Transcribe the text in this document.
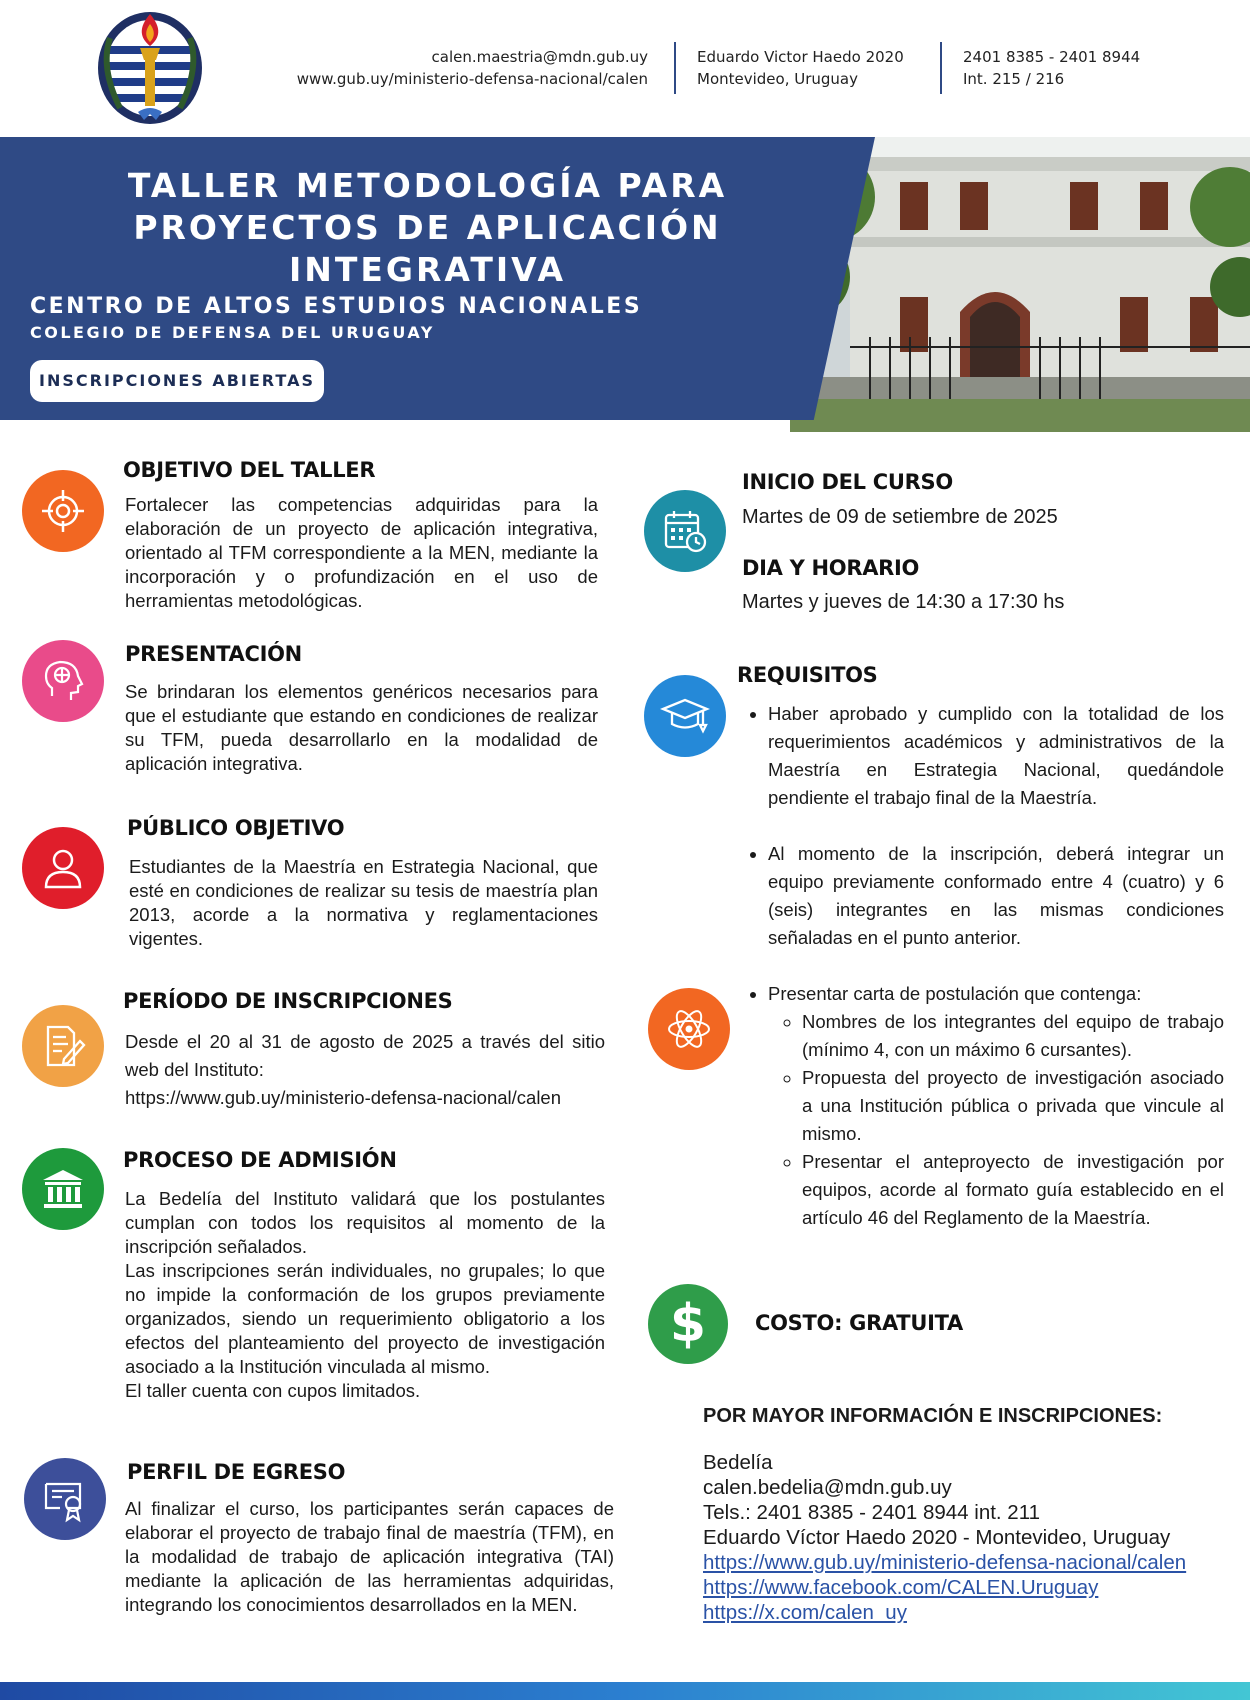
calen.maestria@mdn.gub.uy
www.gub.uy/ministerio-defensa-nacional/calen
Eduardo Victor Haedo 2020
Montevideo, Uruguay
2401 8385 - 2401 8944
Int. 215 / 216
TALLER METODOLOGÍA PARA
PROYECTOS DE APLICACIÓN INTEGRATIVA
CENTRO DE ALTOS ESTUDIOS NACIONALES
COLEGIO DE DEFENSA DEL URUGUAY
INSCRIPCIONES ABIERTAS
OBJETIVO DEL TALLER
Fortalecer las competencias adquiridas para la elaboración de un proyecto de aplicación integrativa, orientado al TFM correspondiente a la MEN, mediante la incorporación y o profundización en el uso de herramientas metodológicas.
PRESENTACIÓN
Se brindaran los elementos genéricos necesarios para que el estudiante que estando en condiciones de realizar su TFM, pueda desarrollarlo en la modalidad de aplicación integrativa.
PÚBLICO OBJETIVO
Estudiantes de la Maestría en Estrategia Nacional, que esté en condiciones de realizar su tesis de maestría plan 2013, acorde a la normativa y reglamentaciones vigentes.
PERÍODO DE INSCRIPCIONES

Desde el 20 al 31 de agosto de 2025 a través del sitio web del Instituto:

https://www.gub.uy/ministerio-defensa-nacional/calen

PROCESO DE ADMISIÓN

La Bedelía del Instituto validará que los postulantes cumplan con todos los requisitos al momento de la inscripción señalados.

Las inscripciones serán individuales, no grupales; lo que no impide la conformación de los grupos previamente organizados, siendo un requerimiento obligatorio a los efectos del planteamiento del proyecto de investigación asociado a la Institución vinculada al mismo.

El taller cuenta con cupos limitados.

PERFIL DE EGRESO
Al finalizar el curso, los participantes serán capaces de elaborar el proyecto de trabajo final de maestría (TFM), en la modalidad de trabajo de aplicación integrativa (TAI) mediante la aplicación de las herramientas adquiridas, integrando los conocimientos desarrollados en la MEN.
INICIO DEL CURSO
Martes de 09 de setiembre de 2025
DIA Y HORARIO
Martes y jueves de 14:30 a 17:30 hs
REQUISITOS
• Haber aprobado y cumplido con la totalidad de los requerimientos académicos y administrativos de la Maestría en Estrategia Nacional, quedándole pendiente el trabajo final de la Maestría.
• Al momento de la inscripción, deberá integrar un equipo previamente conformado entre 4 (cuatro) y 6 (seis) integrantes en las mismas condiciones señaladas en el punto anterior.
• Presentar carta de postulación que contenga:
◦ Nombres de los integrantes del equipo de trabajo (mínimo 4, con un máximo 6 cursantes).
◦ Propuesta del proyecto de investigación asociado a una Institución pública o privada que vincule al mismo.
◦ Presentar el anteproyecto de investigación por equipos, acorde al formato guía establecido en el artículo 46 del Reglamento de la Maestría.
$ COSTO: GRATUITA
POR MAYOR INFORMACIÓN E INSCRIPCIONES:
Bedelía
calen.bedelia@mdn.gub.uy
Tels.: 2401 8385 - 2401 8944 int. 211
Eduardo Víctor Haedo 2020 - Montevideo, Uruguay
https://www.gub.uy/ministerio-defensa-nacional/calen
https://www.facebook.com/CALEN.Uruguay
https://x.com/calen_uy
